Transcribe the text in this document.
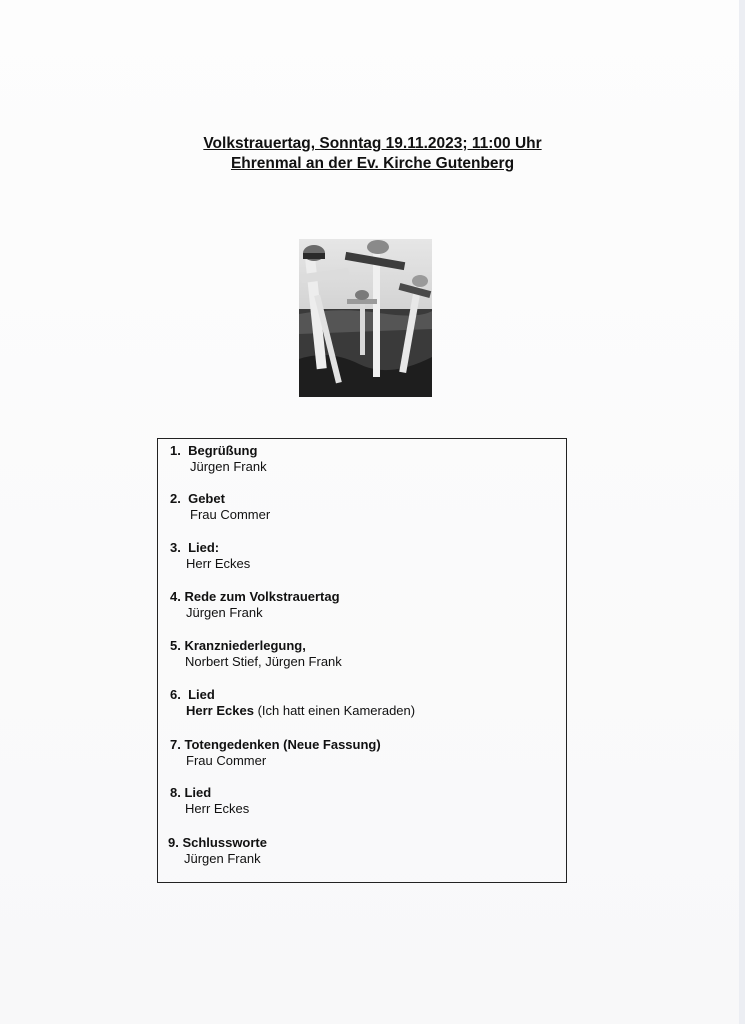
Volkstrauertag, Sonntag 19.11.2023; 11:00 Uhr
Ehrenmal an der Ev. Kirche Gutenberg
1. Begrüßung
Jürgen Frank
2. Gebet
Frau Commer
3. Lied:
Herr Eckes
4. Rede zum Volkstrauertag
Jürgen Frank
5. Kranzniederlegung,
Norbert Stief, Jürgen Frank
6. Lied
Herr Eckes (Ich hatt einen Kameraden)
7. Totengedenken (Neue Fassung)
Frau Commer
8. Lied
Herr Eckes
9. Schlussworte
Jürgen Frank
